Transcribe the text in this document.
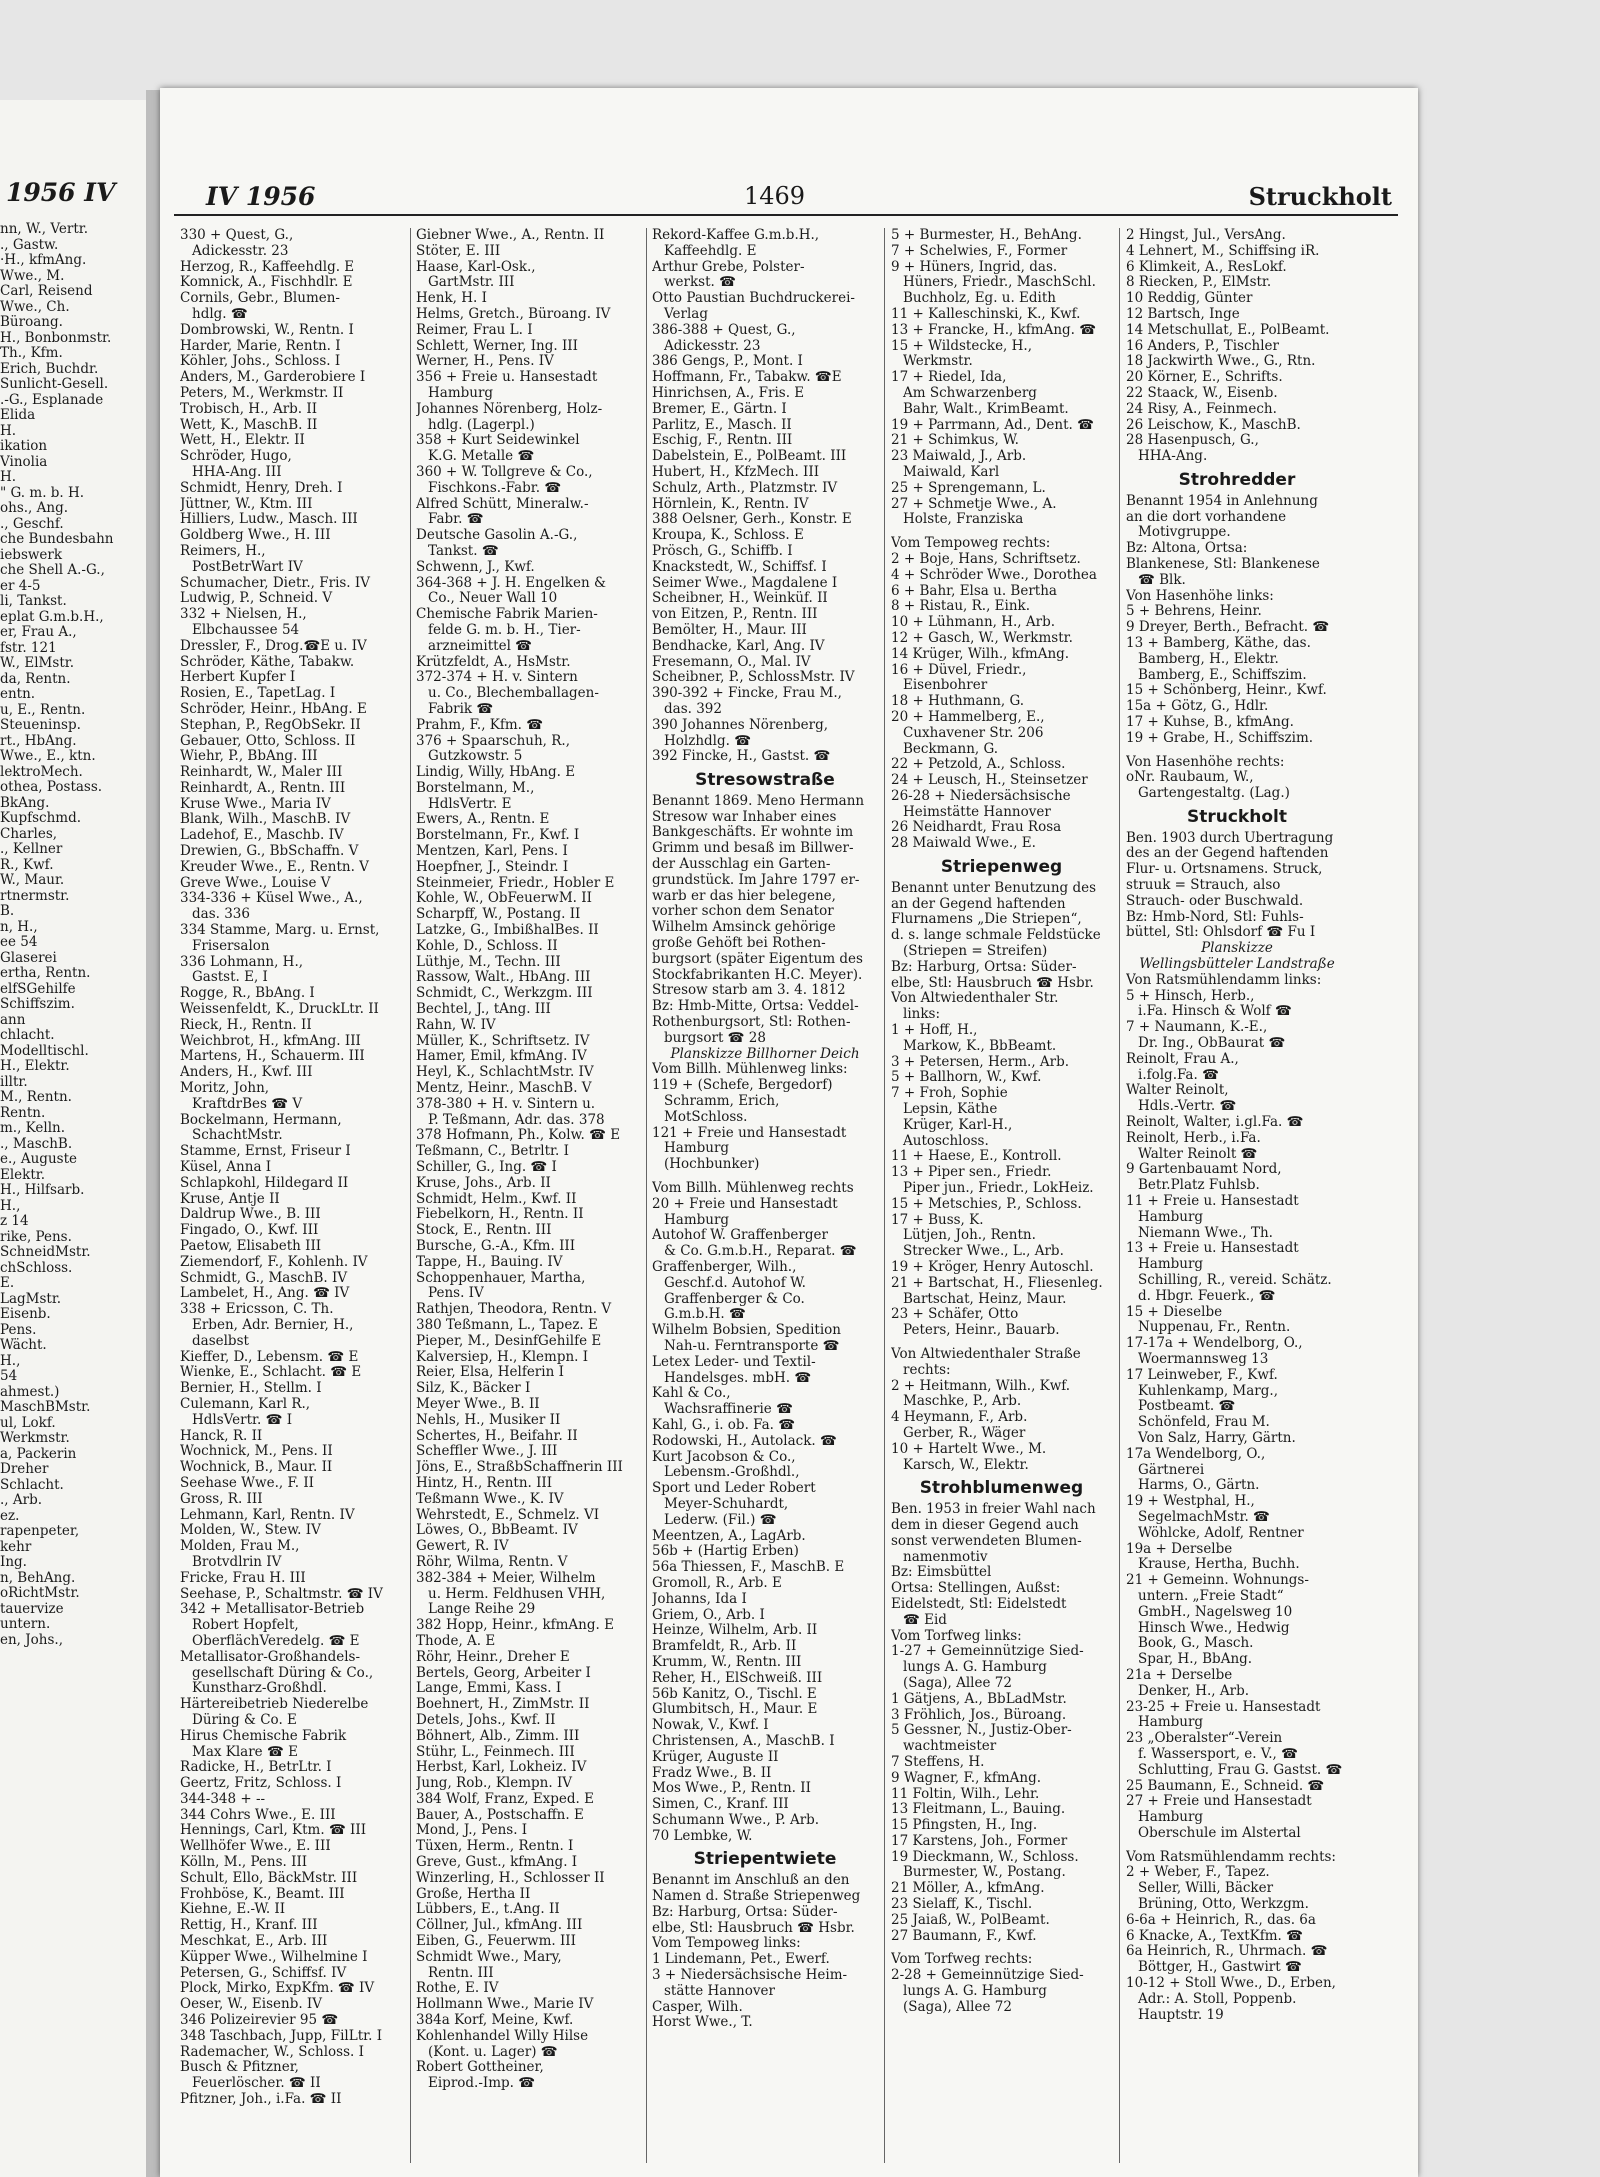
1956 IV
nn, W., Vertr.
., Gastw.
·H., kfmAng.
Wwe., M.
Carl, Reisend
Wwe., Ch.
Büroang.
H., Bonbonmstr.
Th., Kfm.
Erich, Buchdr.
Sunlicht-Gesell.
.-G., Esplanade
Elida
H.
ikation
Vinolia
H.
" G. m. b. H.
ohs., Ang.
., Geschf.
che Bundesbahn
iebswerk
che Shell A.-G.,
er 4-5
li, Tankst.
eplat G.m.b.H.,
er, Frau A.,
fstr. 121
W., ElMstr.
da, Rentn.
entn.
u, E., Rentn.
Steueninsp.
rt., HbAng.
Wwe., E., ktn.
lektroMech.
othea, Postass.
BkAng.
Kupfschmd.
Charles,
., Kellner
R., Kwf.
W., Maur.
rtnermstr.
B.
n, H.,
ee 54
Glaserei
ertha, Rentn.
elfSGehilfe
Schiffszim.
ann
chlacht.
Modelltischl.
H., Elektr.
illtr.
M., Rentn.
Rentn.
m., Kelln.
., MaschB.
e., Auguste
Elektr.
H., Hilfsarb.
H.,
z 14
rike, Pens.
SchneidMstr.
chSchloss.
E.
LagMstr.
Eisenb.
Pens.
Wächt.
H.,
54
ahmest.)
MaschBMstr.
ul, Lokf.
Werkmstr.
a, Packerin
Dreher
Schlacht.
., Arb.
ez.
rapenpeter,
kehr
Ing.
n, BehAng.
oRichtMstr.
tauervize
untern.
en, Johs.,
IV 1956	1469	Struckholt
330 + Quest, G.,
Adickesstr. 23
Herzog, R., Kaffeehdlg. E
Komnick, A., Fischhdlr. E
Cornils, Gebr., Blumen-
hdlg. ☎
Dombrowski, W., Rentn. I
Harder, Marie, Rentn. I
Köhler, Johs., Schloss. I
Anders, M., Garderobiere I
Peters, M., Werkmstr. II
Trobisch, H., Arb. II
Wett, K., MaschB. II
Wett, H., Elektr. II
Schröder, Hugo,
HHA-Ang. III
Schmidt, Henry, Dreh. I
Jüttner, W., Ktm. III
Hilliers, Ludw., Masch. III
Goldberg Wwe., H. III
Reimers, H.,
PostBetrWart IV
Schumacher, Dietr., Fris. IV
Ludwig, P., Schneid. V
332 + Nielsen, H.,
Elbchaussee 54
Dressler, F., Drog.☎E u. IV
Schröder, Käthe, Tabakw.
Herbert Kupfer I
Rosien, E., TapetLag. I
Schröder, Heinr., HbAng. E
Stephan, P., RegObSekr. II
Gebauer, Otto, Schloss. II
Wiehr, P., BbAng. III
Reinhardt, W., Maler III
Reinhardt, A., Rentn. III
Kruse Wwe., Maria IV
Blank, Wilh., MaschB. IV
Ladehof, E., Maschb. IV
Drewien, G., BbSchaffn. V
Kreuder Wwe., E., Rentn. V
Greve Wwe., Louise V
334-336 + Küsel Wwe., A.,
das. 336
334 Stamme, Marg. u. Ernst,
Frisersalon
336 Lohmann, H.,
Gastst. E, I
Rogge, R., BbAng. I
Weissenfeldt, K., DruckLtr. II
Rieck, H., Rentn. II
Weichbrot, H., kfmAng. III
Martens, H., Schauerm. III
Anders, H., Kwf. III
Moritz, John,
KraftdrBes ☎ V
Bockelmann, Hermann,
SchachtMstr.
Stamme, Ernst, Friseur I
Küsel, Anna I
Schlapkohl, Hildegard II
Kruse, Antje II
Daldrup Wwe., B. III
Fingado, O., Kwf. III
Paetow, Elisabeth III
Ziemendorf, F., Kohlenh. IV
Schmidt, G., MaschB. IV
Lambelet, H., Ang. ☎ IV
338 + Ericsson, C. Th.
Erben, Adr. Bernier, H.,
daselbst
Kieffer, D., Lebensm. ☎ E
Wienke, E., Schlacht. ☎ E
Bernier, H., Stellm. I
Culemann, Karl R.,
HdlsVertr. ☎ I
Hanck, R. II
Wochnick, M., Pens. II
Wochnick, B., Maur. II
Seehase Wwe., F. II
Gross, R. III
Lehmann, Karl, Rentn. IV
Molden, W., Stew. IV
Molden, Frau M.,
Brotvdlrin IV
Fricke, Frau H. III
Seehase, P., Schaltmstr. ☎ IV
342 + Metallisator-Betrieb
Robert Hopfelt,
OberflächVeredelg. ☎ E
Metallisator-Großhandels-
gesellschaft Düring & Co.,
Kunstharz-Großhdl.
Härtereibetrieb Niederelbe
Düring & Co. E
Hirus Chemische Fabrik
Max Klare ☎ E
Radicke, H., BetrLtr. I
Geertz, Fritz, Schloss. I
344-348 + --
344 Cohrs Wwe., E. III
Hennings, Carl, Ktm. ☎ III
Wellhöfer Wwe., E. III
Kölln, M., Pens. III
Schult, Ello, BäckMstr. III
Frohböse, K., Beamt. III
Kiehne, E.-W. II
Rettig, H., Kranf. III
Meschkat, E., Arb. III
Küpper Wwe., Wilhelmine I
Petersen, G., Schiffsf. IV
Plock, Mirko, ExpKfm. ☎ IV
Oeser, W., Eisenb. IV
346 Polizeirevier 95 ☎
348 Taschbach, Jupp, FilLtr. I
Rademacher, W., Schloss. I
Busch & Pfitzner,
Feuerlöscher. ☎ II
Pfitzner, Joh., i.Fa. ☎ II
Giebner Wwe., A., Rentn. II
Stöter, E. III
Haase, Karl-Osk.,
GartMstr. III
Henk, H. I
Helms, Gretch., Büroang. IV
Reimer, Frau L. I
Schlett, Werner, Ing. III
Werner, H., Pens. IV
356 + Freie u. Hansestadt
Hamburg
Johannes Nörenberg, Holz-
hdlg. (Lagerpl.)
358 + Kurt Seidewinkel
K.G. Metalle ☎
360 + W. Tollgreve & Co.,
Fischkons.-Fabr. ☎
Alfred Schütt, Mineralw.-
Fabr. ☎
Deutsche Gasolin A.-G.,
Tankst. ☎
Schwenn, J., Kwf.
364-368 + J. H. Engelken &
Co., Neuer Wall 10
Chemische Fabrik Marien-
felde G. m. b. H., Tier-
arzneimittel ☎
Krützfeldt, A., HsMstr.
372-374 + H. v. Sintern
u. Co., Blechemballagen-
Fabrik ☎
Prahm, F., Kfm. ☎
376 + Spaarschuh, R.,
Gutzkowstr. 5
Lindig, Willy, HbAng. E
Borstelmann, M.,
HdlsVertr. E
Ewers, A., Rentn. E
Borstelmann, Fr., Kwf. I
Mentzen, Karl, Pens. I
Hoepfner, J., Steindr. I
Steinmeier, Friedr., Hobler E
Kohle, W., ObFeuerwM. II
Scharpff, W., Postang. II
Latzke, G., ImbißhalBes. II
Kohle, D., Schloss. II
Lüthje, M., Techn. III
Rassow, Walt., HbAng. III
Schmidt, C., Werkzgm. III
Bechtel, J., tAng. III
Rahn, W. IV
Müller, K., Schriftsetz. IV
Hamer, Emil, kfmAng. IV
Heyl, K., SchlachtMstr. IV
Mentz, Heinr., MaschB. V
378-380 + H. v. Sintern u.
P. Teßmann, Adr. das. 378
378 Hofmann, Ph., Kolw. ☎ E
Teßmann, C., Betrltr. I
Schiller, G., Ing. ☎ I
Kruse, Johs., Arb. II
Schmidt, Helm., Kwf. II
Fiebelkorn, H., Rentn. II
Stock, E., Rentn. III
Bursche, G.-A., Kfm. III
Tappe, H., Bauing. IV
Schoppenhauer, Martha,
Pens. IV
Rathjen, Theodora, Rentn. V
380 Teßmann, L., Tapez. E
Pieper, M., DesinfGehilfe E
Kalversiep, H., Klempn. I
Reier, Elsa, Helferin I
Silz, K., Bäcker I
Meyer Wwe., B. II
Nehls, H., Musiker II
Schertes, H., Beifahr. II
Scheffler Wwe., J. III
Jöns, E., StraßbSchaffnerin III
Hintz, H., Rentn. III
Teßmann Wwe., K. IV
Wehrstedt, E., Schmelz. VI
Löwes, O., BbBeamt. IV
Gewert, R. IV
Röhr, Wilma, Rentn. V
382-384 + Meier, Wilhelm
u. Herm. Feldhusen VHH,
Lange Reihe 29
382 Hopp, Heinr., kfmAng. E
Thode, A. E
Röhr, Heinr., Dreher E
Bertels, Georg, Arbeiter I
Lange, Emmi, Kass. I
Boehnert, H., ZimMstr. II
Detels, Johs., Kwf. II
Böhnert, Alb., Zimm. III
Stühr, L., Feinmech. III
Herbst, Karl, Lokheiz. IV
Jung, Rob., Klempn. IV
384 Wolf, Franz, Exped. E
Bauer, A., Postschaffn. E
Mond, J., Pens. I
Tüxen, Herm., Rentn. I
Greve, Gust., kfmAng. I
Winzerling, H., Schlosser II
Große, Hertha II
Lübbers, E., t.Ang. II
Cöllner, Jul., kfmAng. III
Eiben, G., Feuerwm. III
Schmidt Wwe., Mary,
Rentn. III
Rothe, E. IV
Hollmann Wwe., Marie IV
384a Korf, Meine, Kwf.
Kohlenhandel Willy Hilse
(Kont. u. Lager) ☎
Robert Gottheiner,
Eiprod.-Imp. ☎
Rekord-Kaffee G.m.b.H.,
Kaffeehdlg. E
Arthur Grebe, Polster-
werkst. ☎
Otto Paustian Buchdruckerei-
Verlag
386-388 + Quest, G.,
Adickesstr. 23
386 Gengs, P., Mont. I
Hoffmann, Fr., Tabakw. ☎E
Hinrichsen, A., Fris. E
Bremer, E., Gärtn. I
Parlitz, E., Masch. II
Eschig, F., Rentn. III
Dabelstein, E., PolBeamt. III
Hubert, H., KfzMech. III
Schulz, Arth., Platzmstr. IV
Hörnlein, K., Rentn. IV
388 Oelsner, Gerh., Konstr. E
Kroupa, K., Schloss. E
Prösch, G., Schiffb. I
Knackstedt, W., Schiffsf. I
Seimer Wwe., Magdalene I
Scheibner, H., Weinküf. II
von Eitzen, P., Rentn. III
Bemölter, H., Maur. III
Bendhacke, Karl, Ang. IV
Fresemann, O., Mal. IV
Scheibner, P., SchlossMstr. IV
390-392 + Fincke, Frau M.,
das. 392
390 Johannes Nörenberg,
Holzhdlg. ☎
392 Fincke, H., Gastst. ☎
Stresowstraße
Benannt 1869. Meno Hermann
Stresow war Inhaber eines
Bankgeschäfts. Er wohnte im
Grimm und besaß im Billwer-
der Ausschlag ein Garten-
grundstück. Im Jahre 1797 er-
warb er das hier belegene,
vorher schon dem Senator
Wilhelm Amsinck gehörige
große Gehöft bei Rothen-
burgsort (später Eigentum des
Stockfabrikanten H.C. Meyer).
Stresow starb am 3. 4. 1812
Bz: Hmb-Mitte, Ortsa: Veddel-
Rothenburgsort, Stl: Rothen-
burgsort ☎ 28
Planskizze Billhorner Deich
Vom Billh. Mühlenweg links:
119 + (Schefe, Bergedorf)
Schramm, Erich,
MotSchloss.
121 + Freie und Hansestadt
Hamburg
(Hochbunker)
Vom Billh. Mühlenweg rechts
20 + Freie und Hansestadt
Hamburg
Autohof W. Graffenberger
& Co. G.m.b.H., Reparat. ☎
Graffenberger, Wilh.,
Geschf.d. Autohof W.
Graffenberger & Co.
G.m.b.H. ☎
Wilhelm Bobsien, Spedition
Nah-u. Ferntransporte ☎
Letex Leder- und Textil-
Handelsges. mbH. ☎
Kahl & Co.,
Wachsraffinerie ☎
Kahl, G., i. ob. Fa. ☎
Rodowski, H., Autolack. ☎
Kurt Jacobson & Co.,
Lebensm.-Großhdl.,
Sport und Leder Robert
Meyer-Schuhardt,
Lederw. (Fil.) ☎
Meentzen, A., LagArb.
56b + (Hartig Erben)
56a Thiessen, F., MaschB. E
Gromoll, R., Arb. E
Johanns, Ida I
Griem, O., Arb. I
Heinze, Wilhelm, Arb. II
Bramfeldt, R., Arb. II
Krumm, W., Rentn. III
Reher, H., ElSchweiß. III
56b Kanitz, O., Tischl. E
Glumbitsch, H., Maur. E
Nowak, V., Kwf. I
Christensen, A., MaschB. I
Krüger, Auguste II
Fradz Wwe., B. II
Mos Wwe., P., Rentn. II
Simen, C., Kranf. III
Schumann Wwe., P. Arb.
70 Lembke, W.
Striepentwiete
Benannt im Anschluß an den
Namen d. Straße Striepenweg
Bz: Harburg, Ortsa: Süder-
elbe, Stl: Hausbruch ☎ Hsbr.
Vom Tempoweg links:
1 Lindemann, Pet., Ewerf.
3 + Niedersächsische Heim-
stätte Hannover
Casper, Wilh.
Horst Wwe., T.
5 + Burmester, H., BehAng.
7 + Schelwies, F., Former
9 + Hüners, Ingrid, das.
Hüners, Friedr., MaschSchl.
Buchholz, Eg. u. Edith
11 + Kalleschinski, K., Kwf.
13 + Francke, H., kfmAng. ☎
15 + Wildstecke, H.,
Werkmstr.
17 + Riedel, Ida,
Am Schwarzenberg
Bahr, Walt., KrimBeamt.
19 + Parrmann, Ad., Dent. ☎
21 + Schimkus, W.
23 Maiwald, J., Arb.
Maiwald, Karl
25 + Sprengemann, L.
27 + Schmetje Wwe., A.
Holste, Franziska
Vom Tempoweg rechts:
2 + Boje, Hans, Schriftsetz.
4 + Schröder Wwe., Dorothea
6 + Bahr, Elsa u. Bertha
8 + Ristau, R., Eink.
10 + Lühmann, H., Arb.
12 + Gasch, W., Werkmstr.
14 Krüger, Wilh., kfmAng.
16 + Düvel, Friedr.,
Eisenbohrer
18 + Huthmann, G.
20 + Hammelberg, E.,
Cuxhavener Str. 206
Beckmann, G.
22 + Petzold, A., Schloss.
24 + Leusch, H., Steinsetzer
26-28 + Niedersächsische
Heimstätte Hannover
26 Neidhardt, Frau Rosa
28 Maiwald Wwe., E.
Striepenweg
Benannt unter Benutzung des
an der Gegend haftenden
Flurnamens „Die Striepen“,
d. s. lange schmale Feldstücke
(Striepen = Streifen)
Bz: Harburg, Ortsa: Süder-
elbe, Stl: Hausbruch ☎ Hsbr.
Von Altwiedenthaler Str.
links:
1 + Hoff, H.,
Markow, K., BbBeamt.
3 + Petersen, Herm., Arb.
5 + Ballhorn, W., Kwf.
7 + Froh, Sophie
Lepsin, Käthe
Krüger, Karl-H.,
Autoschloss.
11 + Haese, E., Kontroll.
13 + Piper sen., Friedr.
Piper jun., Friedr., LokHeiz.
15 + Metschies, P., Schloss.
17 + Buss, K.
Lütjen, Joh., Rentn.
Strecker Wwe., L., Arb.
19 + Kröger, Henry Autoschl.
21 + Bartschat, H., Fliesenleg.
Bartschat, Heinz, Maur.
23 + Schäfer, Otto
Peters, Heinr., Bauarb.
Von Altwiedenthaler Straße
rechts:
2 + Heitmann, Wilh., Kwf.
Maschke, P., Arb.
4 Heymann, F., Arb.
Gerber, R., Wäger
10 + Hartelt Wwe., M.
Karsch, W., Elektr.
Strohblumenweg
Ben. 1953 in freier Wahl nach
dem in dieser Gegend auch
sonst verwendeten Blumen-
namenmotiv
Bz: Eimsbüttel
Ortsa: Stellingen, Außst:
Eidelstedt, Stl: Eidelstedt
☎ Eid
Vom Torfweg links:
1-27 + Gemeinnützige Sied-
lungs A. G. Hamburg
(Saga), Allee 72
1 Gätjens, A., BbLadMstr.
3 Fröhlich, Jos., Büroang.
5 Gessner, N., Justiz-Ober-
wachtmeister
7 Steffens, H.
9 Wagner, F., kfmAng.
11 Foltin, Wilh., Lehr.
13 Fleitmann, L., Bauing.
15 Pfingsten, H., Ing.
17 Karstens, Joh., Former
19 Dieckmann, W., Schloss.
Burmester, W., Postang.
21 Möller, A., kfmAng.
23 Sielaff, K., Tischl.
25 Jaiaß, W., PolBeamt.
27 Baumann, F., Kwf.
Vom Torfweg rechts:
2-28 + Gemeinnützige Sied-
lungs A. G. Hamburg
(Saga), Allee 72
2 Hingst, Jul., VersAng.
4 Lehnert, M., Schiffsing iR.
6 Klimkeit, A., ResLokf.
8 Riecken, P., ElMstr.
10 Reddig, Günter
12 Bartsch, Inge
14 Metschullat, E., PolBeamt.
16 Anders, P., Tischler
18 Jackwirth Wwe., G., Rtn.
20 Körner, E., Schrifts.
22 Staack, W., Eisenb.
24 Risy, A., Feinmech.
26 Leischow, K., MaschB.
28 Hasenpusch, G.,
HHA-Ang.
Strohredder
Benannt 1954 in Anlehnung
an die dort vorhandene
Motivgruppe.
Bz: Altona, Ortsa:
Blankenese, Stl: Blankenese
☎ Blk.
Von Hasenhöhe links:
5 + Behrens, Heinr.
9 Dreyer, Berth., Befracht. ☎
13 + Bamberg, Käthe, das.
Bamberg, H., Elektr.
Bamberg, E., Schiffszim.
15 + Schönberg, Heinr., Kwf.
15a + Götz, G., Hdlr.
17 + Kuhse, B., kfmAng.
19 + Grabe, H., Schiffszim.
Von Hasenhöhe rechts:
oNr. Raubaum, W.,
Gartengestaltg. (Lag.)
Struckholt
Ben. 1903 durch Übertragung
des an der Gegend haftenden
Flur- u. Ortsnamens. Struck,
struuk = Strauch, also
Strauch- oder Buschwald.
Bz: Hmb-Nord, Stl: Fuhls-
büttel, Stl: Ohlsdorf ☎ Fu I
Planskizze
Wellingsbütteler Landstraße
Von Ratsmühlendamm links:
5 + Hinsch, Herb.,
i.Fa. Hinsch & Wolf ☎
7 + Naumann, K.-E.,
Dr. Ing., ObBaurat ☎
Reinolt, Frau A.,
i.folg.Fa. ☎
Walter Reinolt,
Hdls.-Vertr. ☎
Reinolt, Walter, i.gl.Fa. ☎
Reinolt, Herb., i.Fa.
Walter Reinolt ☎
9 Gartenbauamt Nord,
Betr.Platz Fuhlsb.
11 + Freie u. Hansestadt
Hamburg
Niemann Wwe., Th.
13 + Freie u. Hansestadt
Hamburg
Schilling, R., vereid. Schätz.
d. Hbgr. Feuerk., ☎
15 + Dieselbe
Nuppenau, Fr., Rentn.
17-17a + Wendelborg, O.,
Woermannsweg 13
17 Leinweber, F., Kwf.
Kuhlenkamp, Marg.,
Postbeamt. ☎
Schönfeld, Frau M.
Von Salz, Harry, Gärtn.
17a Wendelborg, O.,
Gärtnerei
Harms, O., Gärtn.
19 + Westphal, H.,
SegelmachMstr. ☎
Wöhlcke, Adolf, Rentner
19a + Derselbe
Krause, Hertha, Buchh.
21 + Gemeinn. Wohnungs-
untern. „Freie Stadt“
GmbH., Nagelsweg 10
Hinsch Wwe., Hedwig
Book, G., Masch.
Spar, H., BbAng.
21a + Derselbe
Denker, H., Arb.
23-25 + Freie u. Hansestadt
Hamburg
23 „Oberalster“-Verein
f. Wassersport, e. V., ☎
Schlutting, Frau G. Gastst. ☎
25 Baumann, E., Schneid. ☎
27 + Freie und Hansestadt
Hamburg
Oberschule im Alstertal
Vom Ratsmühlendamm rechts:
2 + Weber, F., Tapez.
Seller, Willi, Bäcker
Brüning, Otto, Werkzgm.
6-6a + Heinrich, R., das. 6a
6 Knacke, A., TextKfm. ☎
6a Heinrich, R., Uhrmach. ☎
Böttger, H., Gastwirt ☎
10-12 + Stoll Wwe., D., Erben,
Adr.: A. Stoll, Poppenb.
Hauptstr. 19
